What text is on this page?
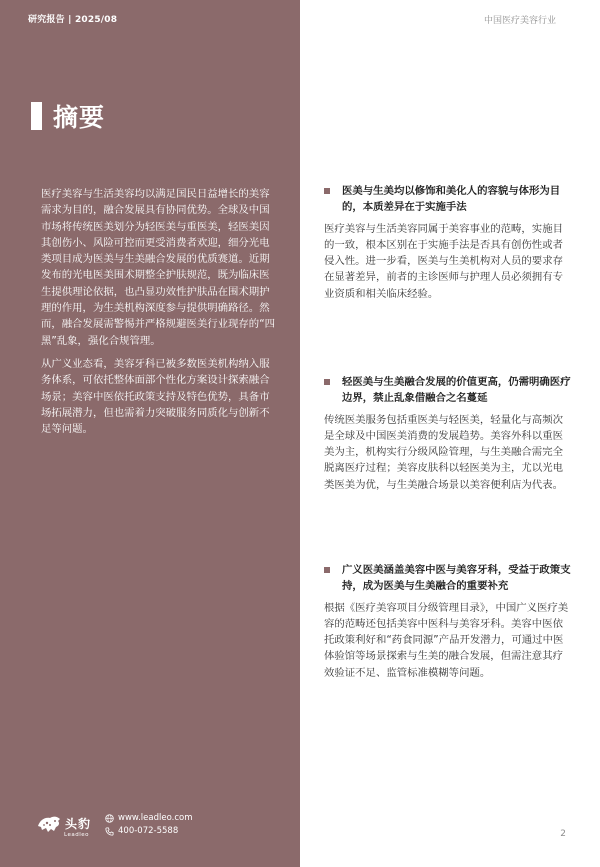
研究报告 | 2025/08	中国医疗美容行业
摘要

医疗美容与生活美容均以满足国民日益增长的美容需求为目的，融合发展具有协同优势。全球及中国市场将传统医美划分为轻医美与重医美，轻医美因其创伤小、风险可控而更受消费者欢迎，细分光电类项目成为医美与生美融合发展的优质赛道。近期发布的光电医美围术期整全护肤规范，既为临床医生提供理论依据，也凸显功效性护肤品在围术期护理的作用，为生美机构深度参与提供明确路径。然而，融合发展需警惕并严格规避医美行业现存的“四黑”乱象，强化合规管理。

从广义业态看，美容牙科已被多数医美机构纳入服务体系，可依托整体面部个性化方案设计探索融合场景；美容中医依托政策支持及特色优势，具备市场拓展潜力，但也需着力突破服务同质化与创新不足等问题。

医美与生美均以修饰和美化人的容貌与体形为目的，本质差异在于实施手法
医疗美容与生活美容同属于美容事业的范畴，实施目的一致，根本区别在于实施手法是否具有创伤性或者侵入性。进一步看，医美与生美机构对人员的要求存在显著差异，前者的主诊医师与护理人员必须拥有专业资质和相关临床经验。
轻医美与生美融合发展的价值更高，仍需明确医疗边界，禁止乱象借融合之名蔓延
传统医美服务包括重医美与轻医美，轻量化与高频次是全球及中国医美消费的发展趋势。美容外科以重医美为主，机构实行分级风险管理，与生美融合需完全脱离医疗过程；美容皮肤科以轻医美为主，尤以光电类医美为优，与生美融合场景以美容便利店为代表。
广义医美涵盖美容中医与美容牙科，受益于政策支持，成为医美与生美融合的重要补充
根据《医疗美容项目分级管理目录》，中国广义医疗美容的范畴还包括美容中医科与美容牙科。美容中医依托政策利好和“药食同源”产品开发潜力，可通过中医体验馆等场景探索与生美的融合发展，但需注意其疗效验证不足、监管标准模糊等问题。
头豹
Leadleo
www.leadleo.com
400-072-5588	2
